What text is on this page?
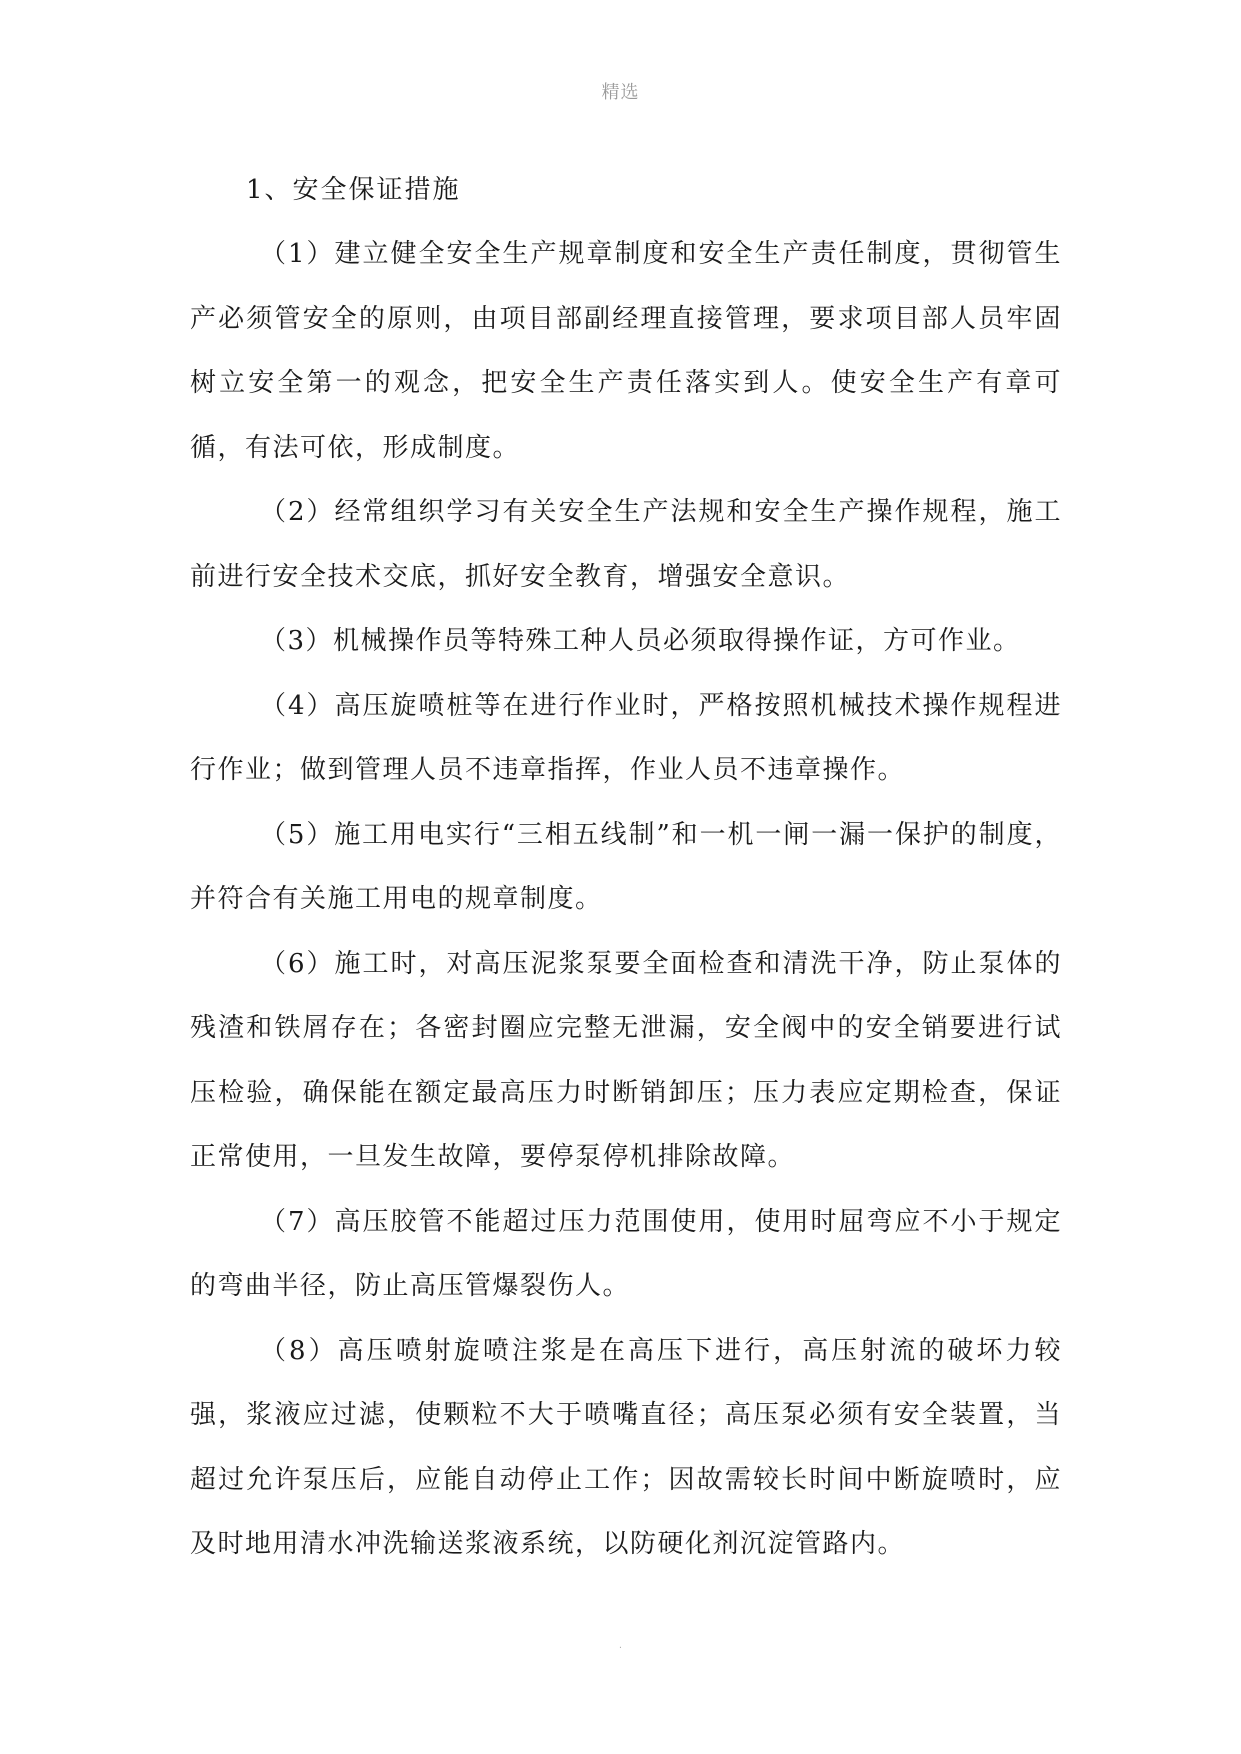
精选
1、安全保证措施

（1）建立健全安全生产规章制度和安全生产责任制度，贯彻管生产必须管安全的原则，由项目部副经理直接管理，要求项目部人员牢固树立安全第一的观念，把安全生产责任落实到人。使安全生产有章可循，有法可依，形成制度。

（2）经常组织学习有关安全生产法规和安全生产操作规程，施工前进行安全技术交底，抓好安全教育，增强安全意识。

（3）机械操作员等特殊工种人员必须取得操作证，方可作业。

（4）高压旋喷桩等在进行作业时，严格按照机械技术操作规程进行作业；做到管理人员不违章指挥，作业人员不违章操作。

（5）施工用电实行“三相五线制”和一机一闸一漏一保护的制度，并符合有关施工用电的规章制度。

（6）施工时，对高压泥浆泵要全面检查和清洗干净，防止泵体的残渣和铁屑存在；各密封圈应完整无泄漏，安全阀中的安全销要进行试压检验，确保能在额定最高压力时断销卸压；压力表应定期检查，保证正常使用，一旦发生故障，要停泵停机排除故障。

（7）高压胶管不能超过压力范围使用，使用时屈弯应不小于规定的弯曲半径，防止高压管爆裂伤人。

（8）高压喷射旋喷注浆是在高压下进行，高压射流的破坏力较强，浆液应过滤，使颗粒不大于喷嘴直径；高压泵必须有安全装置，当超过允许泵压后，应能自动停止工作；因故需较长时间中断旋喷时，应及时地用清水冲洗输送浆液系统，以防硬化剂沉淀管路内。

.
